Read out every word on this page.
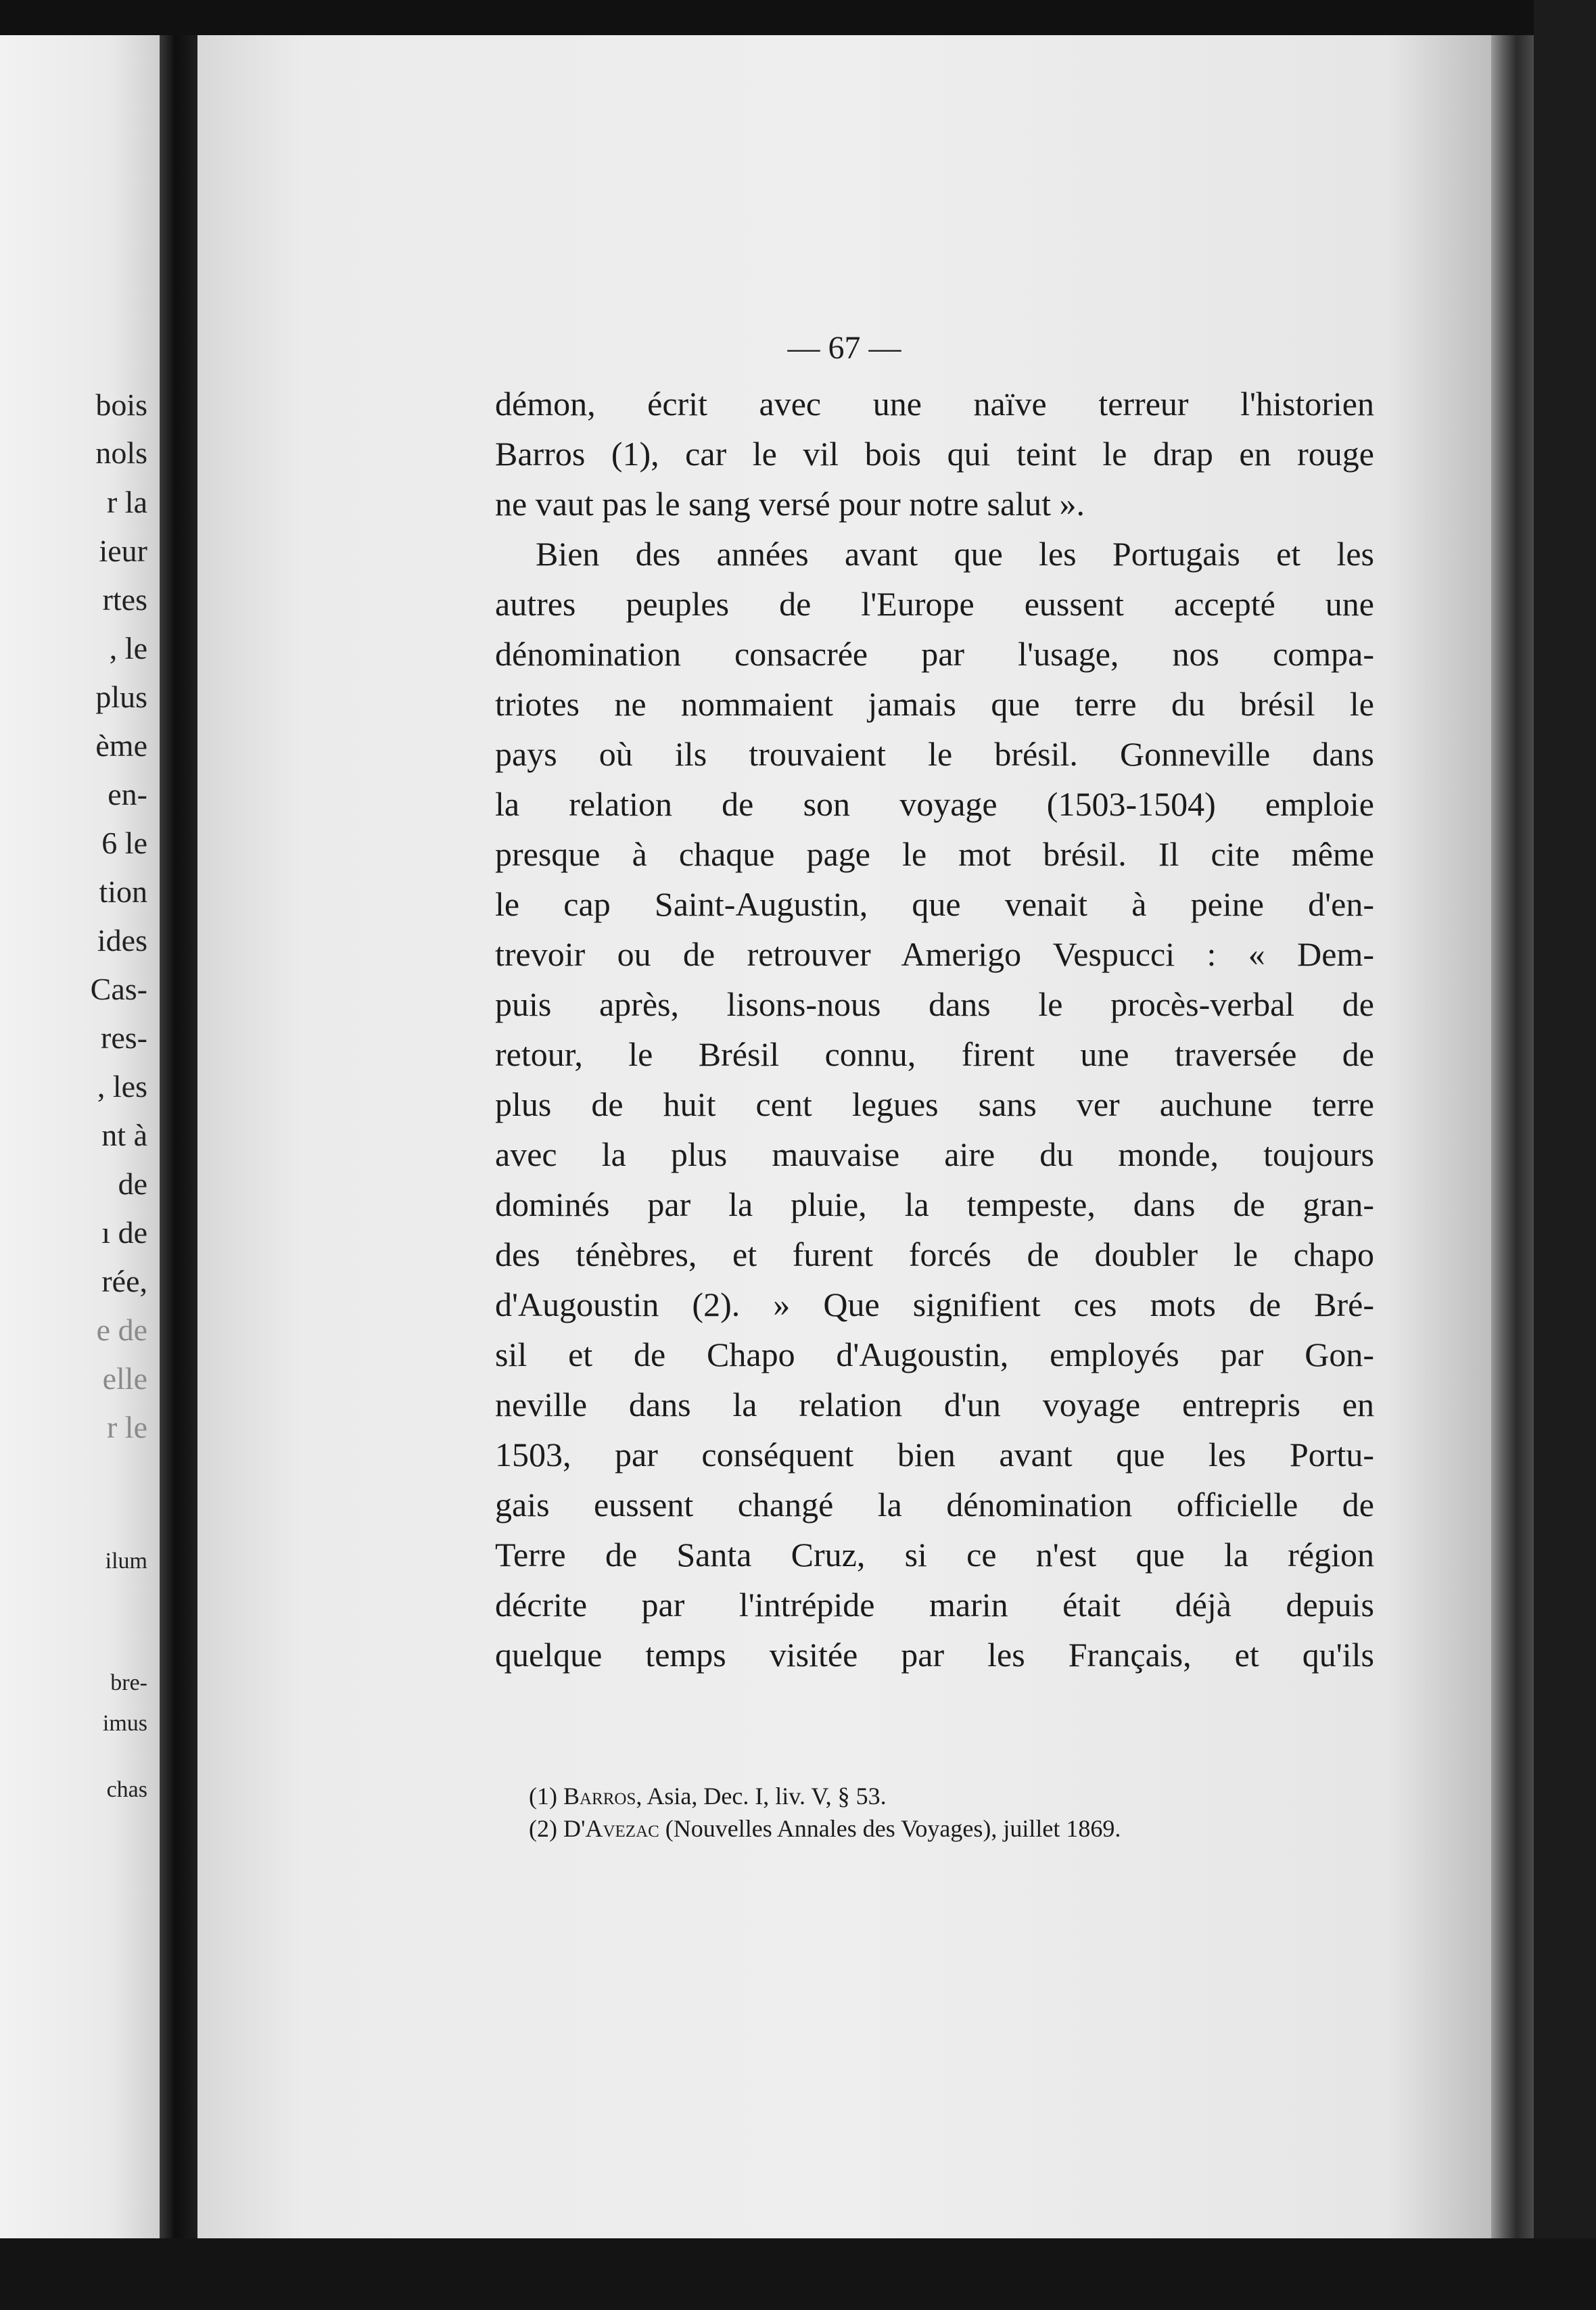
bois
nols
r la
ieur
rtes
, le
plus
ème
en-
6 le
tion
ides
Cas-
res-
, les
nt à
de
ı de
rée,
e de
elle
r le
ilum
bre-
imus
chas
— 67 —
démon, écrit avec une naïve terreur l'historien
Barros (1), car le vil bois qui teint le drap en rouge
ne vaut pas le sang versé pour notre salut ».
Bien des années avant que les Portugais et les
autres peuples de l'Europe eussent accepté une
dénomination consacrée par l'usage, nos compa-
triotes ne nommaient jamais que terre du brésil le
pays où ils trouvaient le brésil. Gonneville dans
la relation de son voyage (1503-1504) emploie
presque à chaque page le mot brésil. Il cite même
le cap Saint-Augustin, que venait à peine d'en-
trevoir ou de retrouver Amerigo Vespucci : « Dem-
puis après, lisons-nous dans le procès-verbal de
retour, le Brésil connu, firent une traversée de
plus de huit cent legues sans ver auchune terre
avec la plus mauvaise aire du monde, toujours
dominés par la pluie, la tempeste, dans de gran-
des ténèbres, et furent forcés de doubler le chapo
d'Augoustin (2). » Que signifient ces mots de Bré-
sil et de Chapo d'Augoustin, employés par Gon-
neville dans la relation d'un voyage entrepris en
1503, par conséquent bien avant que les Portu-
gais eussent changé la dénomination officielle de
Terre de Santa Cruz, si ce n'est que la région
décrite par l'intrépide marin était déjà depuis
quelque temps visitée par les Français, et qu'ils
(1) Barros, Asia, Dec. I, liv. V, § 53.
(2) D'Avezac (Nouvelles Annales des Voyages), juillet 1869.
